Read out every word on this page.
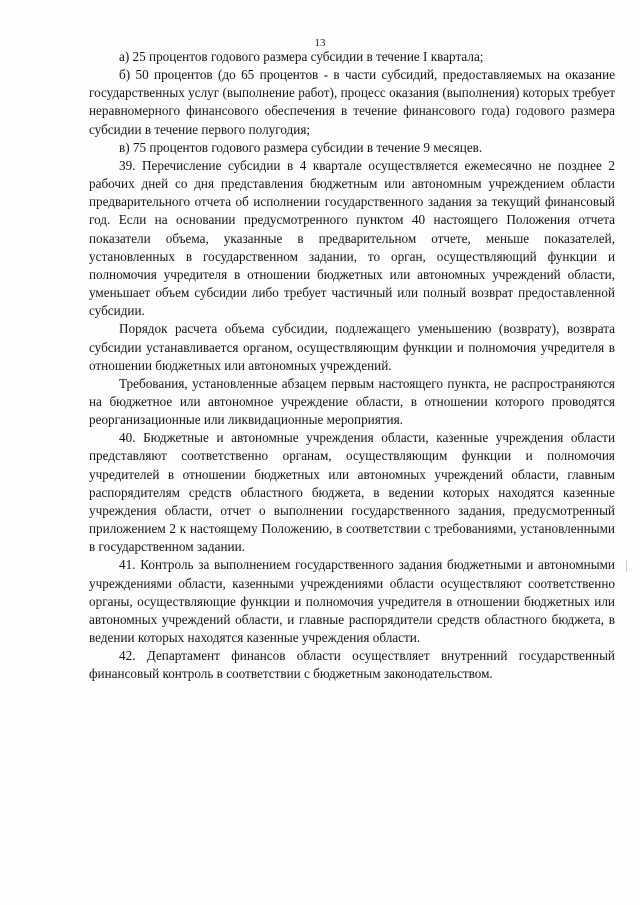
13

а) 25 процентов годового размера субсидии в течение I квартала;

б) 50 процентов (до 65 процентов - в части субсидий, предоставляемых на оказание государственных услуг (выполнение работ), процесс оказания (выполнения) которых требует неравномерного финансового обеспечения в течение финансового года) годового размера субсидии в течение первого полугодия;

в) 75 процентов годового размера субсидии в течение 9 месяцев.

39. Перечисление субсидии в 4 квартале осуществляется ежемесячно не позднее 2 рабочих дней со дня представления бюджетным или автономным учреждением области предварительного отчета об исполнении государственного задания за текущий финансовый год. Если на основании предусмотренного пунктом 40 настоящего Положения отчета показатели объема, указанные в предварительном отчете, меньше показателей, установленных в государственном задании, то орган, осуществляющий функции и полномочия учредителя в отношении бюджетных или автономных учреждений области, уменьшает объем субсидии либо требует частичный или полный возврат предоставленной субсидии.

Порядок расчета объема субсидии, подлежащего уменьшению (возврату), возврата субсидии устанавливается органом, осуществляющим функции и полномочия учредителя в отношении бюджетных или автономных учреждений.

Требования, установленные абзацем первым настоящего пункта, не распространяются на бюджетное или автономное учреждение области, в отношении которого проводятся реорганизационные или ликвидационные мероприятия.

40. Бюджетные и автономные учреждения области, казенные учреждения области представляют соответственно органам, осуществляющим функции и полномочия учредителей в отношении бюджетных или автономных учреждений области, главным распорядителям средств областного бюджета, в ведении которых находятся казенные учреждения области, отчет о выполнении государственного задания, предусмотренный приложением 2 к настоящему Положению, в соответствии с требованиями, установленными в государственном задании.

41. Контроль за выполнением государственного задания бюджетными и автономными учреждениями области, казенными учреждениями области осуществляют соответственно органы, осуществляющие функции и полномочия учредителя в отношении бюджетных или автономных учреждений области, и главные распорядители средств областного бюджета, в ведении которых находятся казенные учреждения области.

42. Департамент финансов области осуществляет внутренний государственный финансовый контроль в соответствии с бюджетным законодательством.
